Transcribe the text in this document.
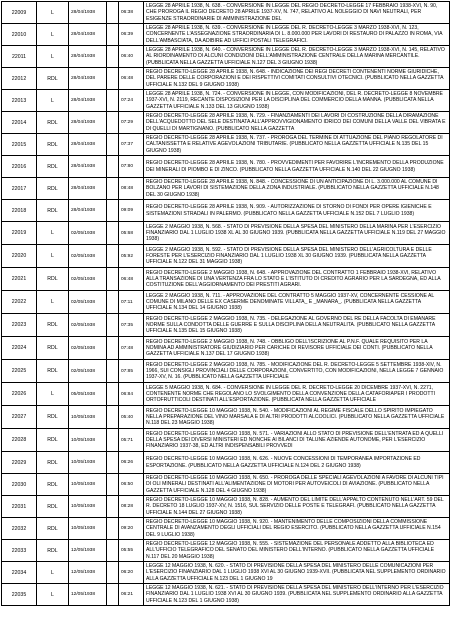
22009	L	28/04/1938		06:38	LEGGE 28 APRILE 1938, N. 638. - CONVERSIONE IN LEGGE DEL REGIO DECRETO-LEGGE 17 FEBBRAIO 1938-XVI, N. 90, CHE PROROGA IL REGIO DECRETO 28 APRILE 1937-XV, N. 747, RELATIVO AL NOLEGGIO DI NAVI NEUTRALI, PER ESIGENZE STRAORDINARIE DI AMMINISTRAZIONE DEL
22010	L	28/04/1938		06:39	LEGGE 28 APRILE 1938, N. 639. - CONVERSIONE IN LEGGE DEL R. DECRETO-LEGGE 3 MARZO 1938-XVI, N. 123, CONCERNENTE L'ASSEGNAZIONE STRAORDINARIA DI L. 8.000.000 PER LAVORI DI RESTAURO DI PALAZZO IN ROMA, VIA DELL'AMBASCIATA, DA ADIBIRE AD UFFICI POSTALI TELEGRAFICI.
22011	L	28/04/1938		06:40	LEGGE 28 APRILE 1938, N. 640. - CONVERSIONE IN LEGGE DEL R. DECRETO-LEGGE 3 MARZO 1938-XVI, N. 145, RELATIVO AL RIORDINAMENTO DI ALCUNI CONDIZIONI DELL'AMMINISTRAZIONE CENTRALE DELLA MARINA MERCANTILE. (PUBBLICATA NELLA GAZZETTA UFFICIALE N.127 DEL 3 GIUGNO 1938)
22012	RDL	28/04/1938		06:48	REGIO DECRETO-LEGGE 28 APRILE 1938, N. 648. - INDICAZIONE DEI REGI DECRETI CONTENENTI NORME GIURIDICHE, DEL PARERE DELLE CORPORAZIONI E DEI RISPETTIVI COMITATI CONSULTIVI OTECNICI. (PUBBLICATO NELLA GAZZETTA UFFICIALE N.132 DEL 9 GIUGNO 1938)
22013	L	28/04/1938		07:24	LEGGE 28 APRILE 1938, N. 724. - CONVERSIONE IN LEGGE, CON MODIFICAZIONI, DEL R. DECRETO-LEGGE 8 NOVEMBRE 1937-XVI, N. 2119, RECANTE DISPOSIZIONI PER LA DISCIPLINA DEL COMMERCIO DELLA MANNA. (PUBBLICATA NELLA GAZZETTA UFFICIALE N.133 DEL 13 GIUGNO 1938)
22014	RDL	28/04/1938		07:29	REGIO DECRETO-LEGGE 28 APRILE 1938, N. 729. - FINANZIAMENTI DEI LAVORI DI COSTRUZIONE DELLA DIRAMAZIONE DELL'ACQUEDOTTO DEL SELE DESTINATA ALL'APPROVVIGIONAMENTO IDRICO DEI COMUNI DELLA VALLE DEL VIBRATA E DI QUELLI DI MARTIGNANO. (PUBBLICATO NELLA GAZZETTA
22015	RDL	28/04/1938		07:37	REGIO DECRETO-LEGGE 28 APRILE 1938, N. 737. - PROROGA DEL TERMINE DI ATTUAZIONE DEL PIANO REGOLATORE DI CALTANISSETTA E RELATIVE AGEVOLAZIONI TRIBUTARIE. (PUBBLICATO NELLA GAZZETTA UFFICIALE N.135 DEL 15 GIUGNO 1938)
22016	RDL	28/04/1938		07:80	REGIO DECRETO-LEGGE 28 APRILE 1938, N. 780. - PROVVEDIMENTI PER FAVORIRE L'INCREMENTO DELLA PRODUZIONE DEI MINERALI DI PIOMBO E DI ZINCO. (PUBBLICATO NELLA GAZZETTA UFFICIALE N.140 DEL 22 GIUGNO 1938)
22017	RDL	28/04/1938		08:48	REGIO DECRETO-LEGGE 28 APRILE 1938, N. 848. - CONCESSIONE DI UN ANTICIPAZIONE DI L. 3.000.000 AL COMUNE DI BOLZANO PER LAVORI DI SISTEMAZIONE DELLA ZONA INDUSTRIALE. (PUBBLICATO NELLA GAZZETTA UFFICIALE N.148 DEL 30 GIUGNO 1938)
22018	RDL	28/04/1938		09:09	REGIO DECRETO-LEGGE 28 APRILE 1938, N. 909. - AUTORIZZAZIONE DI STORNO DI FONDI PER OPERE IGIENICHE E SISTEMAZIONI STRADALI IN PALERMO. (PUBBLICATO NELLA GAZZETTA UFFICIALE N.152 DEL 7 LUGLIO 1938)
22019	L	02/05/1938		05:68	LEGGE 2 MAGGIO 1938, N. 568. - STATO DI PREVISIONE DELLA SPESA DEL MINISTERO DELLA MARINA PER L'ESERCIZIO FINANZIARIO DAL 1 LUGLIO 1938 XL AL 30 GIUGNO 1939. (PUBBLICATA NELLA GAZZETTA UFFICIALE N.119 DEL 27 MAGGIO 1938)
22020	L	02/05/1938		05:92	LEGGE 2 MAGGIO 1938, N. 592. - STATO DI PREVISIONE DELLA SPESA DEL MINISTERO DELL'AGRICOLTURA E DELLE FORESTE PER L'ESERCIZIO FINANZIARIO DAL 1 LUGLIO 1938 XL 30 GIUGNO 1939. (PUBBLICATA NELLA GAZZETTA UFFICIALE N.122 DEL 31 MAGGIO 1938)
22021	RDL	02/05/1938		06:48	REGIO DECRETO-LEGGE 2 MAGGIO 1938, N. 648. - APPROVAZIONE DEL CONTRATTO 1 FEBBRAIO 1938-XVI, RELATIVO ALLA TRANSAZIONE DI UNA VERTENZA FRA LO STATO E L'ISTITUTO DI CREDITO AGRARIO PER LA SARDEGNA, ED ALLA COSTITUZIONE DELL'AGGIORNAMENTO DEI PRESTITI AGRARI.
22022	L	02/05/1938		07:11	LEGGE 2 MAGGIO 1938, N. 711. - APPROVAZIONE DEL CONTRATTO 5 MAGGIO 1937-XV, CONCERNENTE CESSIONE AL COMUNE DI MILANO DELLE EX CASERME DENOMINATE VILLATA_ E _MANARA_. (PUBBLICATA NELLA GAZZETTA UFFICIALE N.134 DEL 14 GIUGNO 1938)
22023	RDL	02/05/1938		07:35	REGIO DECRETO-LEGGE 2 MAGGIO 1938, N. 735. - DELEGAZIONE AL GOVERNO DEL RE DELLA FACOLTA DI EMANARE NORME SULLA CONDOTTA DELLE GUERRE E SULLA DISCIPLINA DELLA NEUTRALITA. (PUBBLICATO NELLA GAZZETTA UFFICIALE N.135 DEL 15 GIUGNO 1938)
22024	RDL	02/05/1938		07:48	REGIO DECRETO-LEGGE 2 MAGGIO 1938, N. 748. - OBBLIGO DELL'ISCRIZIONE AL P.N.F. QUALE REQUISITO PER LA NOMINA AD AMMINISTRATORE GIUDIZIARIO PER CARICHE DI REVISORE UFFICIALE DEI CONTI. (PUBBLICATO NELLA GAZZETTA UFFICIALE N.137 DEL 17 GIUGNO 1938)
22025	RDL	02/05/1938		07:85	REGIO DECRETO-LEGGE 2 MAGGIO 1938, N. 785. - MODIFICAZIONE DEL R. DECRETO-LEGGE 5 SETTEMBRE 1938-XIV, N. 1966, SUI CONSIGLI PROVINCIALI DELLE CORPORAZIONI, CONVERTITO, CON MODIFICAZIONI, NELLA LEGGE 7 GENNAIO 1937-XV, N. 16. (PUBBLICATO NELLA GAZZETTA UFFICIALE
22026	L	05/05/1938		06:84	LEGGE 5 MAGGIO 1938, N. 684. - CONVERSIONE IN LEGGE DEL R. DECRETO-LEGGE 20 DICEMBRE 1937-XVI, N. 2271, CONTENENTE NORME CHE REGOLANO LO SVOLGIMENTO DELLA CONVENZIONE DELLA CATAFORIAPER I PRODOTTI ORTOFRUTTICOLI DESTINATI ALL'ESPORTAZIONE. (PUBBLICATA NELLA GAZZETTA UFFICIALE
22027	RDL	10/05/1938		05:40	REGIO DECRETO-LEGGE 10 MAGGIO 1938, N. 540. - MODIFICAZIONI AL REGIME FISCALE DELLO SPIRITO IMPIEGATO NELLA PREPARAZIONE DEL VINO MARSALA E DI ALTRI PRODOTTI ALCOOLICI. (PUBBLICATO NELLA GAZZETTA UFFICIALE N.118 DEL 23 MAGGIO 1938)
22028	RDL	10/05/1938		05:71	REGIO DECRETO-LEGGE 10 MAGGIO 1938, N. 571. - VARIAZIONI ALLO STATO DI PREVISIONE DELL'ENTRATA ED A QUELLI DELLA SPESA DEI DIVERSI MINISTERI ED NONCHE AI BILANCI DI TALUNE AZIENDE AUTONOME, PER L'ESERCIZIO FINANZIARIO 1937-38, ED ALTRI INDISPENSABILI PROVVEDI
22029	RDL	10/05/1938		06:26	REGIO DECRETO-LEGGE 10 MAGGIO 1938, N. 626. - NUOVE CONCESSIONI DI TEMPORANEA IMPORTAZIONE ED ESPORTAZIONE. (PUBBLICATO NELLA GAZZETTA UFFICIALE N.124 DEL 2 GIUGNO 1938)
22030	RDL	10/05/1938		06:50	REGIO DECRETO-LEGGE 10 MAGGIO 1938, N. 650. - PROROGA DELLE SPECIALI AGEVOLAZIONI A FAVORE DI ALCUNI TIPI DI OLI MINERALI DESTINATI ALL'ALIMENTAZIONE DI MOTORI PER AUTOVEICOLI DI AVIAZIONE. (PUBBLICATO NELLA GAZZETTA UFFICIALE N.128 DEL 4 GIUGNO 1938)
22031	RDL	10/05/1938		08:28	REGIO DECRETO-LEGGE 10 MAGGIO 1938, N. 828. - AUMENTO DEL LIMITE DELL'APPALTO CONTENUTO NELL'ART. 59 DEL R. DECRETO 18 LUGLIO 1937-XV, N. 1516, SUL SERVIZIO DELLE POSTE E TELEGRAFI. (PUBBLICATO NELLA GAZZETTA UFFICIALE N.144 DEL 27 GIUGNO 1938)
22032	RDL	10/05/1938		09:20	REGIO DECRETO-LEGGE 10 MAGGIO 1938, N. 920. - MANTENIMENTO DELLE COMPOSIZIONI DELLA COMMISSIONE CENTRALE DI AVANZAMENTO DEGLI UFFICIALI DEL REGIO ESERCITO. (PUBBLICATO NELLA GAZZETTA UFFICIALE N.154 DEL 9 LUGLIO 1938)
22033	RDL	12/05/1938		05:55	REGIO DECRETO-LEGGE 12 MAGGIO 1938, N. 555. - SISTEMAZIONE DEL PERSONALE ADDETTO ALLA BIBLIOTECA ED ALL'UFFICIO TELEGRAFICO DEL SENATO DEL MINISTERO DELL'INTERNO. (PUBBLICATO NELLA GAZZETTA UFFICIALE N.117 DEL 20 MAGGIO 1938)
22034	L	12/05/1938		06:20	LEGGE 12 MAGGIO 1938, N. 620. - STATO DI PREVISIONE DELLA SPESA DEL MINISTERO DELLE COMUNICAZIONI PER L'ESERCIZIO FINANZIARIO DAL 1 LUGLIO 1938 XVI AL 30 GIUGNO 1939-XVII. (PUBBLICATA NEL SUPPLEMENTO ORDINARIO ALLA GAZZETTA UFFICIALE N.123 DEL 1 GIUGNO 19
22035	L	12/05/1938		06:21	LEGGE 12 MAGGIO 1938, N. 621. - STATO DI PREVISIONE DELLA SPESA DEL MINISTERO DELL'INTERNO PER L'ESERCIZIO FINANZIARIO DAL 1 LUGLIO 1938 XVI AL 30 GIUGNO 1939. (PUBBLICATA NEL SUPPLEMENTO ORDINARIO ALLA GAZZETTA UFFICIALE N.123 DEL 1 GIUGNO 1938)
